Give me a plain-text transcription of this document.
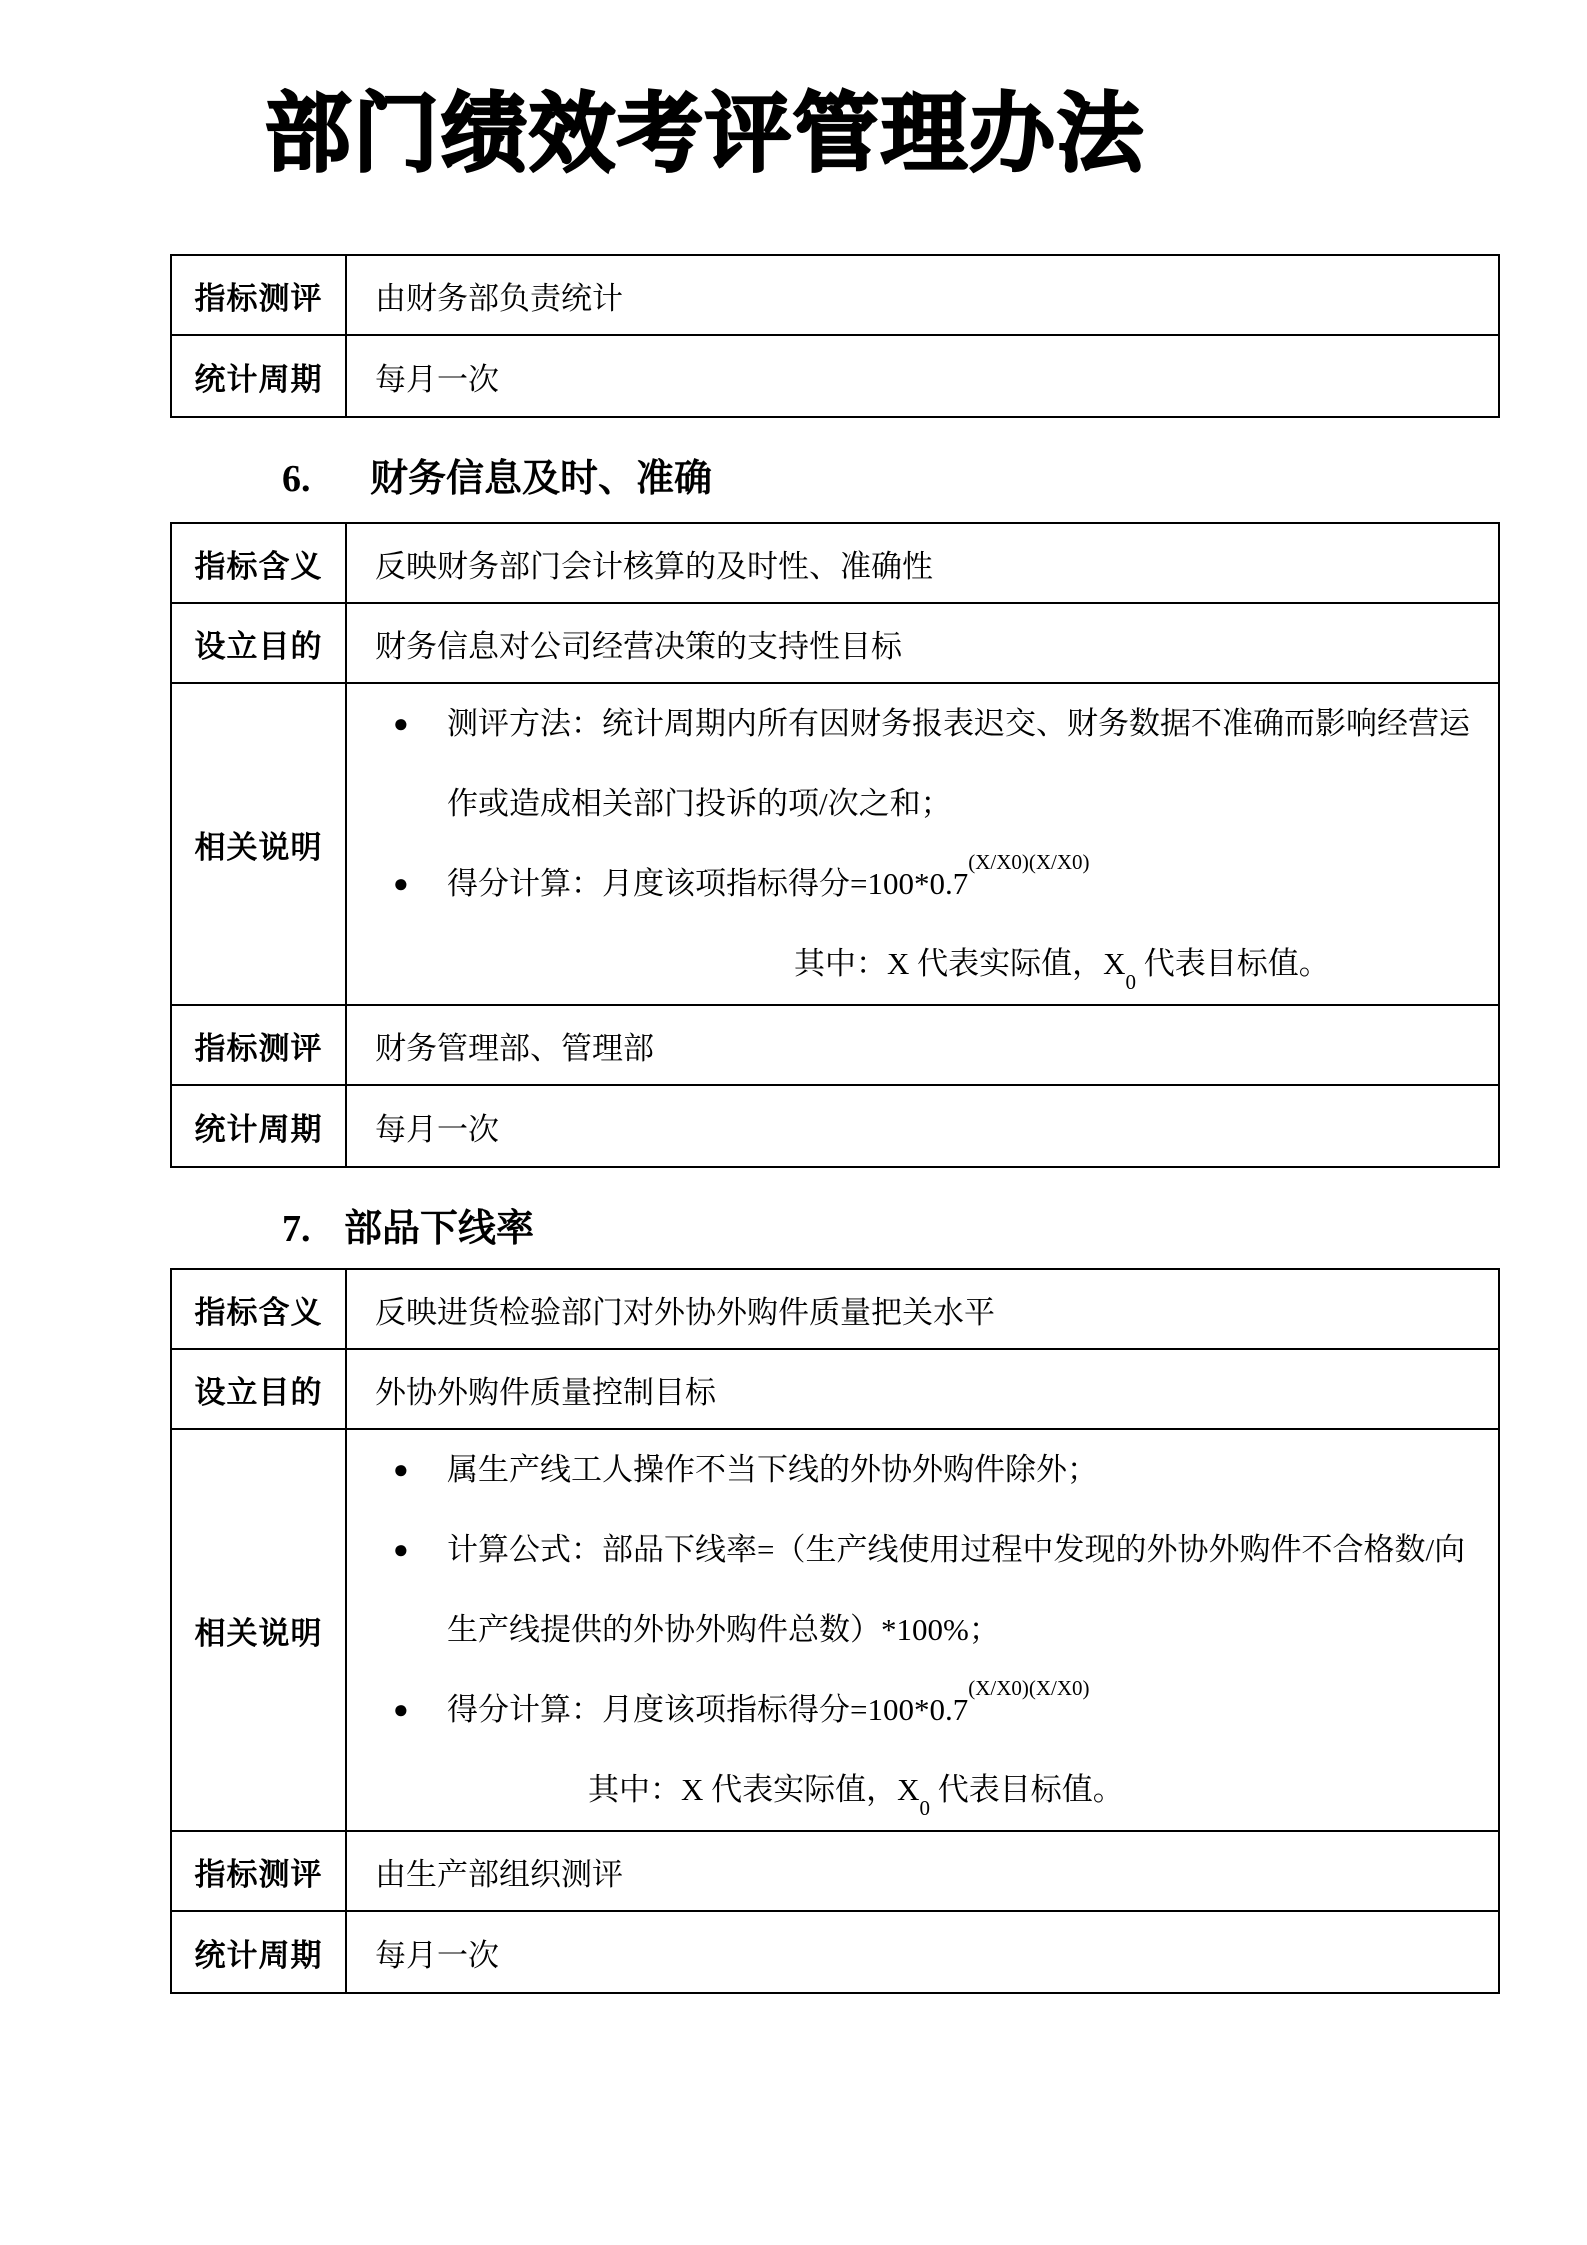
部门绩效考评管理办法
指标测评	由财务部负责统计
统计周期	每月一次
6. 财务信息及时、准确
指标含义	反映财务部门会计核算的及时性、准确性
设立目的	财务信息对公司经营决策的支持性目标
相关说明
● 测评方法：统计周期内所有因财务报表迟交、财务数据不准确而影响经营运作或造成相关部门投诉的项/次之和；
● 得分计算：月度该项指标得分$=100*0.7^{(X/X0)(X/X0)}$
其中：X 代表实际值，$X_0$ 代表目标值。
指标测评	财务管理部、管理部
统计周期	每月一次
7. 部品下线率
指标含义	反映进货检验部门对外协外购件质量把关水平
设立目的	外协外购件质量控制目标
相关说明
● 属生产线工人操作不当下线的外协外购件除外；
● 计算公式：部品下线率=（生产线使用过程中发现的外协外购件不合格数/向生产线提供的外协外购件总数）*100%；
● 得分计算：月度该项指标得分$=100*0.7^{(X/X0)(X/X0)}$
其中：X 代表实际值，$X_0$ 代表目标值。
指标测评	由生产部组织测评
统计周期	每月一次
